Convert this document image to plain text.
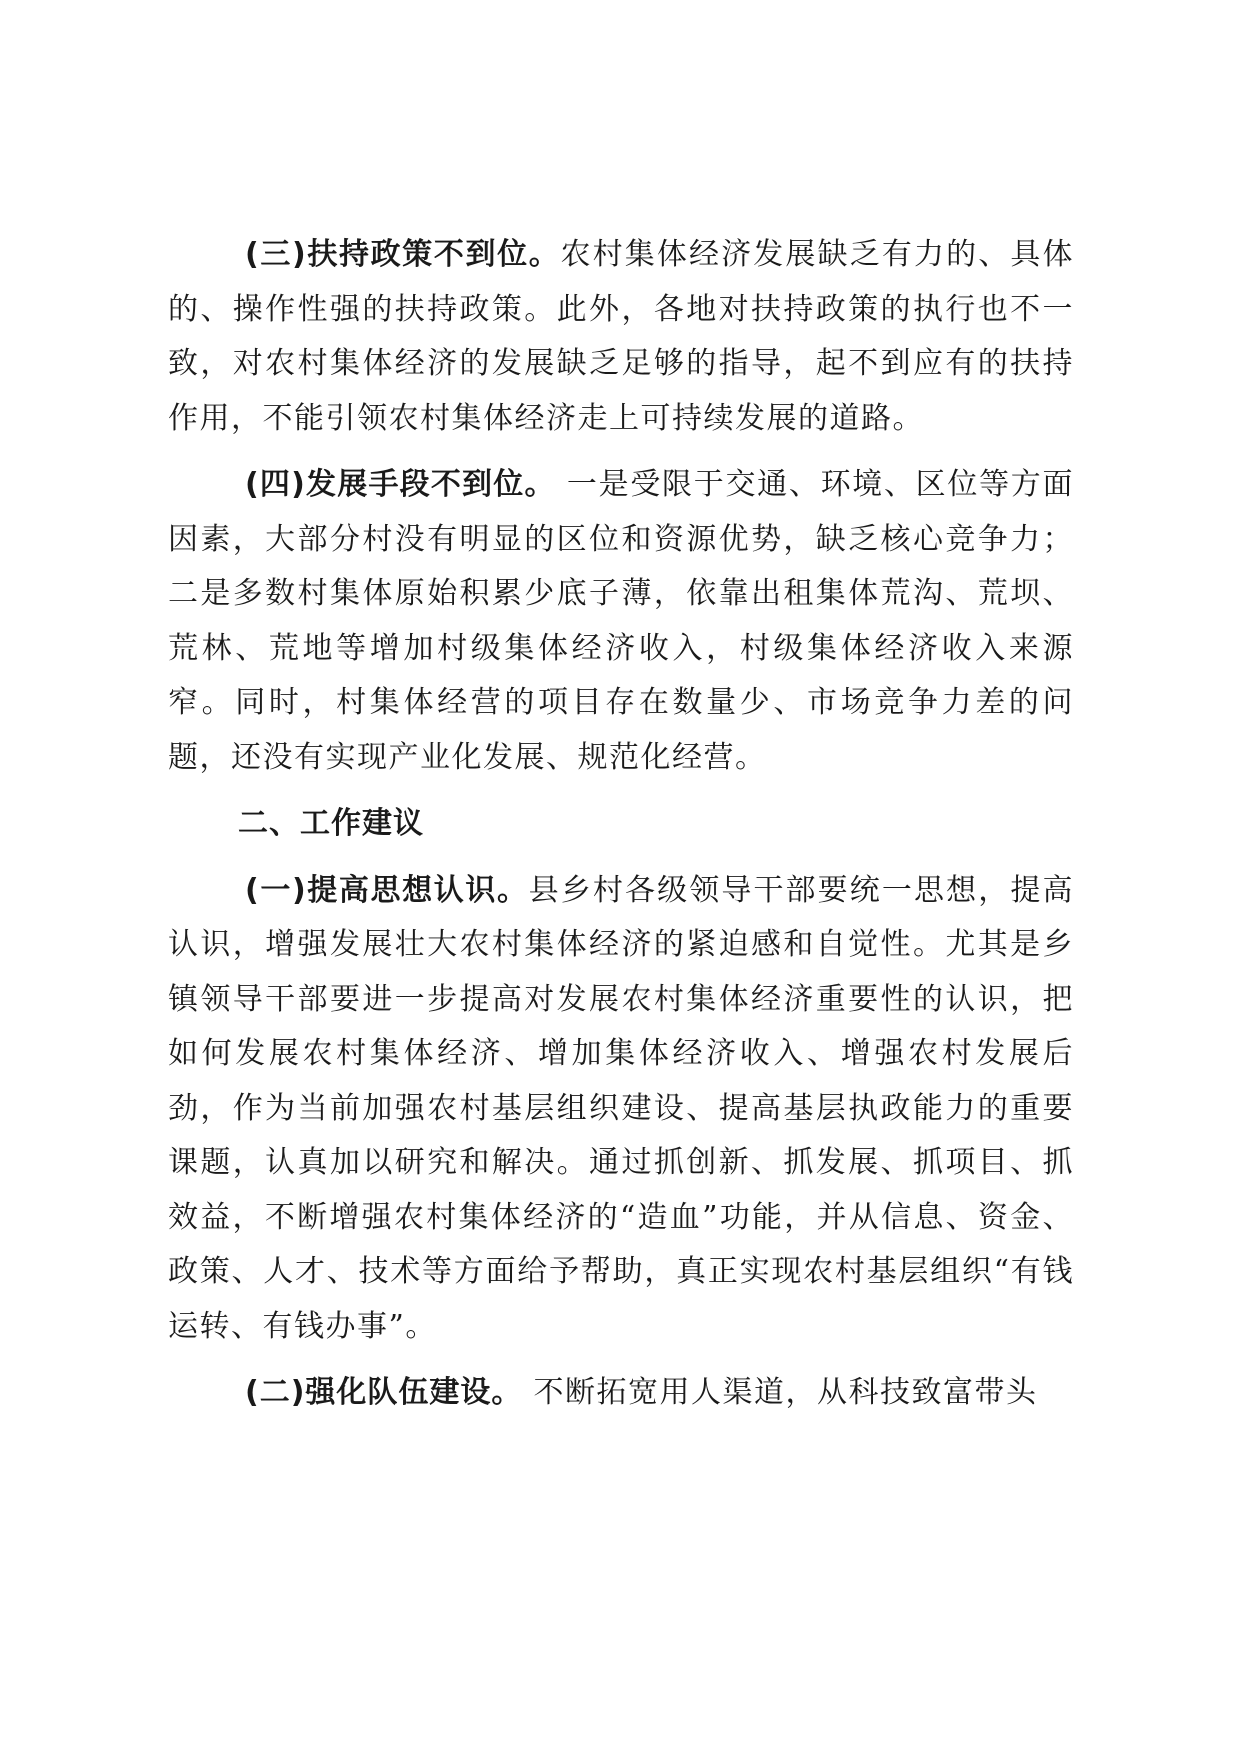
(三)扶持政策不到位。农村集体经济发展缺乏有力的、具体的、操作性强的扶持政策。此外，各地对扶持政策的执行也不一致，对农村集体经济的发展缺乏足够的指导，起不到应有的扶持作用，不能引领农村集体经济走上可持续发展的道路。

(四)发展手段不到位。 一是受限于交通、环境、区位等方面因素，大部分村没有明显的区位和资源优势，缺乏核心竞争力；二是多数村集体原始积累少底子薄，依靠出租集体荒沟、荒坝、荒林、荒地等增加村级集体经济收入，村级集体经济收入来源窄。同时，村集体经营的项目存在数量少、市场竞争力差的问题，还没有实现产业化发展、规范化经营。

二、工作建议

(一)提高思想认识。县乡村各级领导干部要统一思想，提高认识，增强发展壮大农村集体经济的紧迫感和自觉性。尤其是乡镇领导干部要进一步提高对发展农村集体经济重要性的认识，把如何发展农村集体经济、增加集体经济收入、增强农村发展后劲，作为当前加强农村基层组织建设、提高基层执政能力的重要课题，认真加以研究和解决。通过抓创新、抓发展、抓项目、抓效益，不断增强农村集体经济的“造血”功能，并从信息、资金、政策、人才、技术等方面给予帮助，真正实现农村基层组织“有钱运转、有钱办事”。

(二)强化队伍建设。 不断拓宽用人渠道，从科技致富带头
